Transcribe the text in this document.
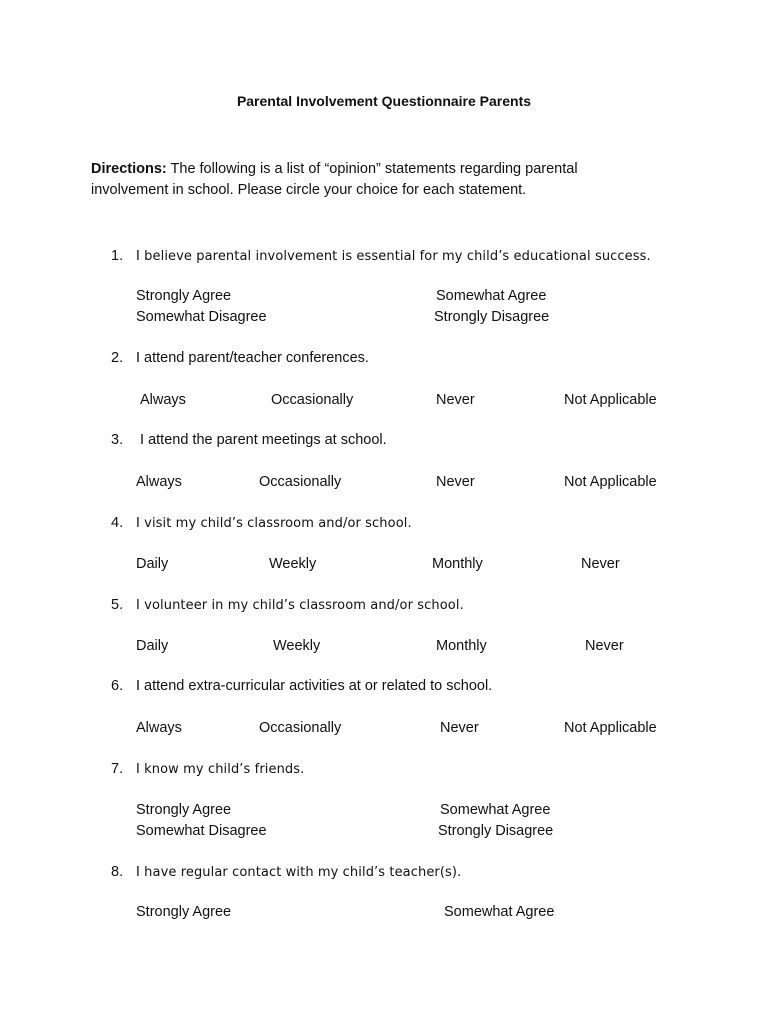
Parental Involvement Questionnaire Parents

Directions: The following is a list of “opinion” statements regarding parental involvement in school. Please circle your choice for each statement.

1. I believe parental involvement is essential for my child’s educational success.
Strongly Agree	Somewhat Agree
Somewhat Disagree	Strongly Disagree
2. I attend parent/teacher conferences.
Always	Occasionally	Never	Not Applicable
3. I attend the parent meetings at school.
Always	Occasionally	Never	Not Applicable
4. I visit my child’s classroom and/or school.
Daily	Weekly	Monthly	Never
5. I volunteer in my child’s classroom and/or school.
Daily	Weekly	Monthly	Never
6. I attend extra-curricular activities at or related to school.
Always	Occasionally	Never	Not Applicable
7. I know my child’s friends.
Strongly Agree	Somewhat Agree
Somewhat Disagree	Strongly Disagree
8. I have regular contact with my child’s teacher(s).
Strongly Agree	Somewhat Agree
